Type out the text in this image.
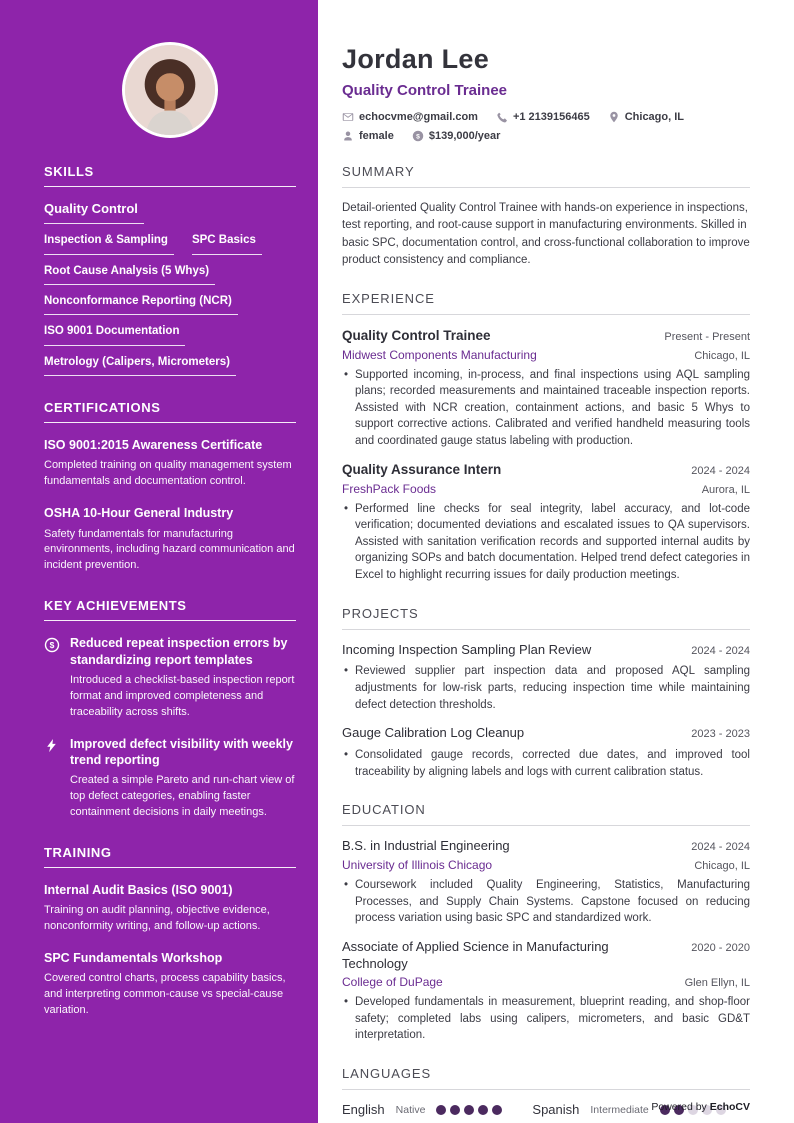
SKILLS
Quality Control
Inspection & Sampling	SPC Basics
Root Cause Analysis (5 Whys)
Nonconformance Reporting (NCR)
ISO 9001 Documentation
Metrology (Calipers, Micrometers)
CERTIFICATIONS
ISO 9001:2015 Awareness Certificate
Completed training on quality management system fundamentals and documentation control.
OSHA 10-Hour General Industry
Safety fundamentals for manufacturing environments, including hazard communication and incident prevention.
KEY ACHIEVEMENTS
$ Reduced repeat inspection errors by standardizing report templates
Introduced a checklist-based inspection report format and improved completeness and traceability across shifts.
Improved defect visibility with weekly trend reporting
Created a simple Pareto and run-chart view of top defect categories, enabling faster containment decisions in daily meetings.
TRAINING
Internal Audit Basics (ISO 9001)
Training on audit planning, objective evidence, nonconformity writing, and follow-up actions.
SPC Fundamentals Workshop
Covered control charts, process capability basics, and interpreting common-cause vs special-cause variation.
Jordan Lee
Quality Control Trainee
echocvme@gmail.com	+1 2139156465	Chicago, IL
female $ $139,000/year
SUMMARY

Detail-oriented Quality Control Trainee with hands-on experience in inspections, test reporting, and root-cause support in manufacturing environments. Skilled in basic SPC, documentation control, and cross-functional collaboration to improve product consistency and compliance.

EXPERIENCE
Quality Control Trainee	Present - Present
Midwest Components Manufacturing	Chicago, IL
• Supported incoming, in-process, and final inspections using AQL sampling plans; recorded measurements and maintained traceable inspection reports. Assisted with NCR creation, containment actions, and basic 5 Whys to support corrective actions. Calibrated and verified handheld measuring tools and coordinated gauge status labeling with production.
Quality Assurance Intern	2024 - 2024
FreshPack Foods	Aurora, IL
• Performed line checks for seal integrity, label accuracy, and lot-code verification; documented deviations and escalated issues to QA supervisors. Assisted with sanitation verification records and supported internal audits by organizing SOPs and batch documentation. Helped trend defect categories in Excel to highlight recurring issues for daily production meetings.
PROJECTS
Incoming Inspection Sampling Plan Review	2024 - 2024
• Reviewed supplier part inspection data and proposed AQL sampling adjustments for low-risk parts, reducing inspection time while maintaining defect detection thresholds.
Gauge Calibration Log Cleanup	2023 - 2023
• Consolidated gauge records, corrected due dates, and improved tool traceability by aligning labels and logs with current calibration status.
EDUCATION
B.S. in Industrial Engineering	2024 - 2024
University of Illinois Chicago	Chicago, IL
• Coursework included Quality Engineering, Statistics, Manufacturing Processes, and Supply Chain Systems. Capstone focused on reducing process variation using basic SPC and standardized work.
Associate of Applied Science in Manufacturing Technology
2020 - 2020
College of DuPage	Glen Ellyn, IL
• Developed fundamentals in measurement, blueprint reading, and shop-floor safety; completed labs using calipers, micrometers, and basic GD&T interpretation.
LANGUAGES
English Native	Spanish Intermediate Powered by EchoCV
